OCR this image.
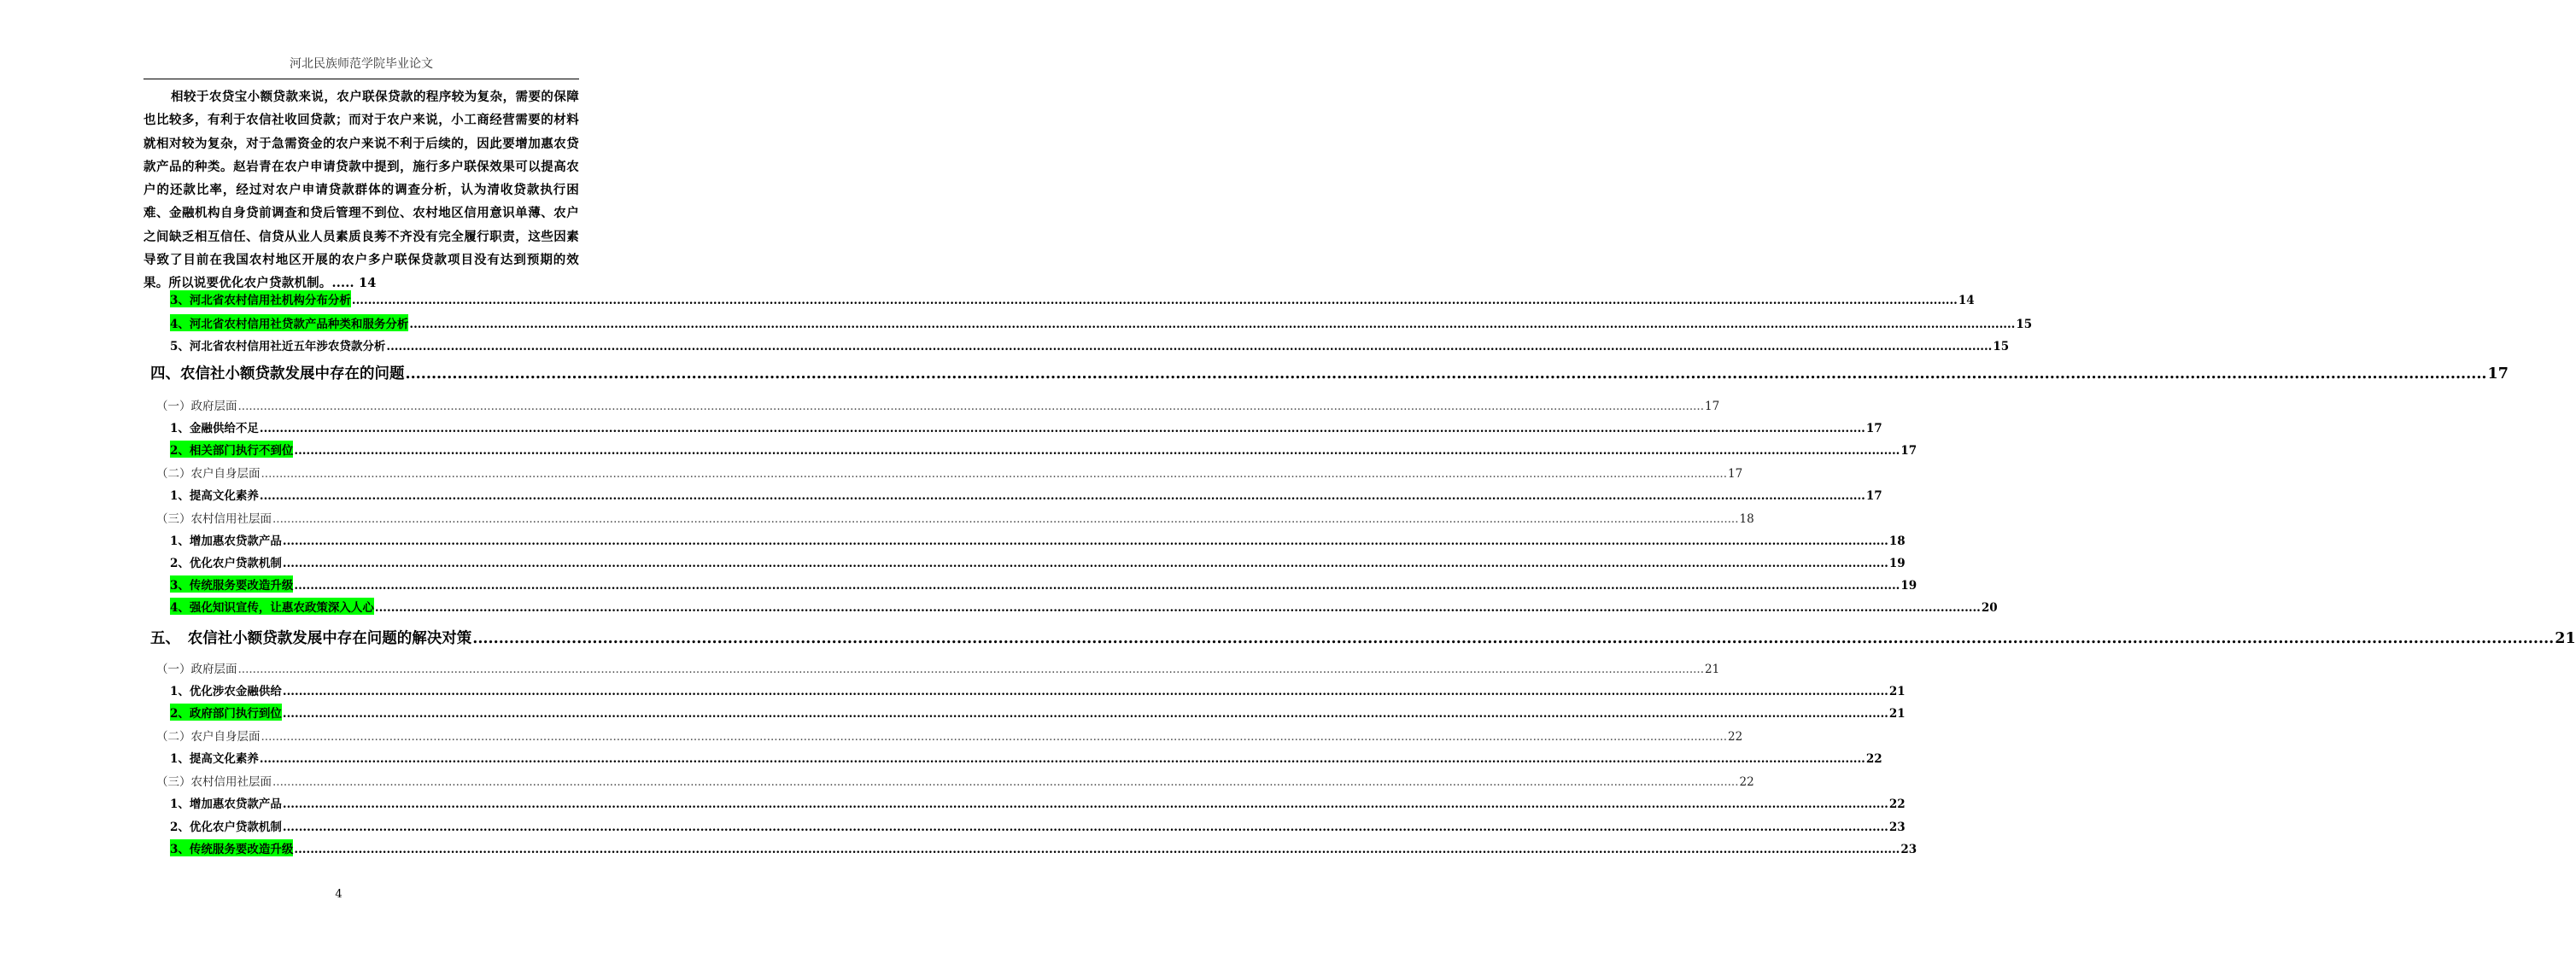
河北民族师范学院毕业论文

相较于农贷宝小额贷款来说，农户联保贷款的程序较为复杂，需要的保障也比较多，有利于农信社收回贷款；而对于农户来说，小工商经营需要的材料就相对较为复杂，对于急需资金的农户来说不利于后续的，因此要增加惠农贷款产品的种类。赵岩青在农户申请贷款中提到，施行多户联保效果可以提高农户的还款比率，经过对农户申请贷款群体的调查分析，认为清收贷款执行困难、金融机构自身贷前调查和贷后管理不到位、农村地区信用意识单薄、农户之间缺乏相互信任、信贷从业人员素质良莠不齐没有完全履行职责，这些因素导致了目前在我国农村地区开展的农户多户联保贷款项目没有达到预期的效果。所以说要优化农户贷款机制。..... 14

3、河北省农村信用社机构分布分析 ................................................................................................................................................................................................................................................................................................................................................................................................................ 14
4、河北省农村信用社贷款产品种类和服务分析 ................................................................................................................................................................................................................................................................................................................................................................................................................ 15
5、河北省农村信用社近五年涉农贷款分析 ................................................................................................................................................................................................................................................................................................................................................................................................................ 15
四、农信社小额贷款发展中存在的问题 ................................................................................................................................................................................................................................................................................................................................................................................................................ 17
（一）政府层面 ................................................................................................................................................................................................................................................................................................................................................................................................................ 17
1、金融供给不足 ................................................................................................................................................................................................................................................................................................................................................................................................................ 17
2、相关部门执行不到位 ................................................................................................................................................................................................................................................................................................................................................................................................................ 17
（二）农户自身层面 ................................................................................................................................................................................................................................................................................................................................................................................................................ 17
1、提高文化素养 ................................................................................................................................................................................................................................................................................................................................................................................................................ 17
（三）农村信用社层面 ................................................................................................................................................................................................................................................................................................................................................................................................................ 18
1、增加惠农贷款产品 ................................................................................................................................................................................................................................................................................................................................................................................................................ 18
2、优化农户贷款机制 ................................................................................................................................................................................................................................................................................................................................................................................................................ 19
3、传统服务要改造升级 ................................................................................................................................................................................................................................................................................................................................................................................................................ 19
4、强化知识宣传，让惠农政策深入人心 ................................................................................................................................................................................................................................................................................................................................................................................................................ 20
五、　农信社小额贷款发展中存在问题的解决对策 ................................................................................................................................................................................................................................................................................................................................................................................................................ 21
（一）政府层面 ................................................................................................................................................................................................................................................................................................................................................................................................................ 21
1、优化涉农金融供给 ................................................................................................................................................................................................................................................................................................................................................................................................................ 21
2、政府部门执行到位 ................................................................................................................................................................................................................................................................................................................................................................................................................ 21
（二）农户自身层面 ................................................................................................................................................................................................................................................................................................................................................................................................................ 22
1、提高文化素养 ................................................................................................................................................................................................................................................................................................................................................................................................................ 22
（三）农村信用社层面 ................................................................................................................................................................................................................................................................................................................................................................................................................ 22
1、增加惠农贷款产品 ................................................................................................................................................................................................................................................................................................................................................................................................................ 22
2、优化农户贷款机制 ................................................................................................................................................................................................................................................................................................................................................................................................................ 23
3、传统服务要改造升级 ................................................................................................................................................................................................................................................................................................................................................................................................................ 23
4
